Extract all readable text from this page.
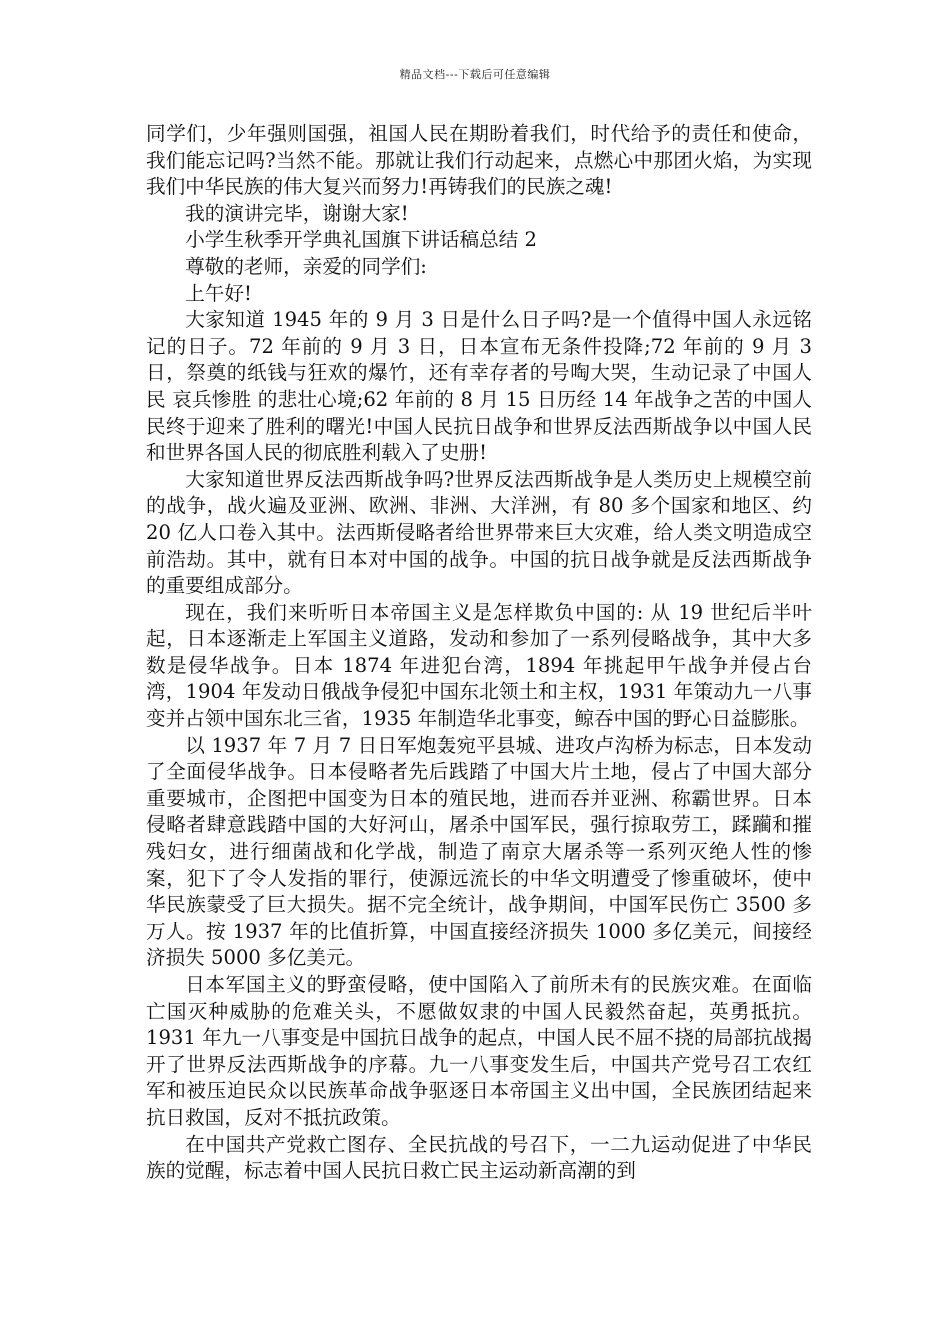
精品文档---下载后可任意编辑

同学们，少年强则国强，祖国人民在期盼着我们，时代给予的责任和使命，我们能忘记吗?当然不能。那就让我们行动起来，点燃心中那团火焰，为实现我们中华民族的伟大复兴而努力!再铸我们的民族之魂!

我的演讲完毕，谢谢大家!

小学生秋季开学典礼国旗下讲话稿总结 2

尊敬的老师，亲爱的同学们:

上午好!

大家知道 1945 年的 9 月 3 日是什么日子吗?是一个值得中国人永远铭记的日子。72 年前的 9 月 3 日，日本宣布无条件投降;72 年前的 9 月 3 日，祭奠的纸钱与狂欢的爆竹，还有幸存者的号啕大哭，生动记录了中国人民 哀兵惨胜 的悲壮心境;62 年前的 8 月 15 日历经 14 年战争之苦的中国人民终于迎来了胜利的曙光!中国人民抗日战争和世界反法西斯战争以中国人民和世界各国人民的彻底胜利载入了史册!

大家知道世界反法西斯战争吗?世界反法西斯战争是人类历史上规模空前的战争，战火遍及亚洲、欧洲、非洲、大洋洲，有 80 多个国家和地区、约 20 亿人口卷入其中。法西斯侵略者给世界带来巨大灾难，给人类文明造成空前浩劫。其中，就有日本对中国的战争。中国的抗日战争就是反法西斯战争的重要组成部分。

现在，我们来听听日本帝国主义是怎样欺负中国的: 从 19 世纪后半叶起，日本逐渐走上军国主义道路，发动和参加了一系列侵略战争，其中大多数是侵华战争。日本 1874 年进犯台湾，1894 年挑起甲午战争并侵占台湾，1904 年发动日俄战争侵犯中国东北领土和主权，1931 年策动九一八事变并占领中国东北三省，1935 年制造华北事变，鲸吞中国的野心日益膨胀。

以 1937 年 7 月 7 日日军炮轰宛平县城、进攻卢沟桥为标志，日本发动了全面侵华战争。日本侵略者先后践踏了中国大片土地，侵占了中国大部分重要城市，企图把中国变为日本的殖民地，进而吞并亚洲、称霸世界。日本侵略者肆意践踏中国的大好河山，屠杀中国军民，强行掠取劳工，蹂躏和摧残妇女，进行细菌战和化学战，制造了南京大屠杀等一系列灭绝人性的惨案，犯下了令人发指的罪行，使源远流长的中华文明遭受了惨重破坏，使中华民族蒙受了巨大损失。据不完全统计，战争期间，中国军民伤亡 3500 多万人。按 1937 年的比值折算，中国直接经济损失 1000 多亿美元，间接经济损失 5000 多亿美元。

日本军国主义的野蛮侵略，使中国陷入了前所未有的民族灾难。在面临亡国灭种威胁的危难关头，不愿做奴隶的中国人民毅然奋起，英勇抵抗。1931 年九一八事变是中国抗日战争的起点，中国人民不屈不挠的局部抗战揭开了世界反法西斯战争的序幕。九一八事变发生后，中国共产党号召工农红军和被压迫民众以民族革命战争驱逐日本帝国主义出中国，全民族团结起来抗日救国，反对不抵抗政策。

在中国共产党救亡图存、全民抗战的号召下，一二九运动促进了中华民族的觉醒，标志着中国人民抗日救亡民主运动新高潮的到
